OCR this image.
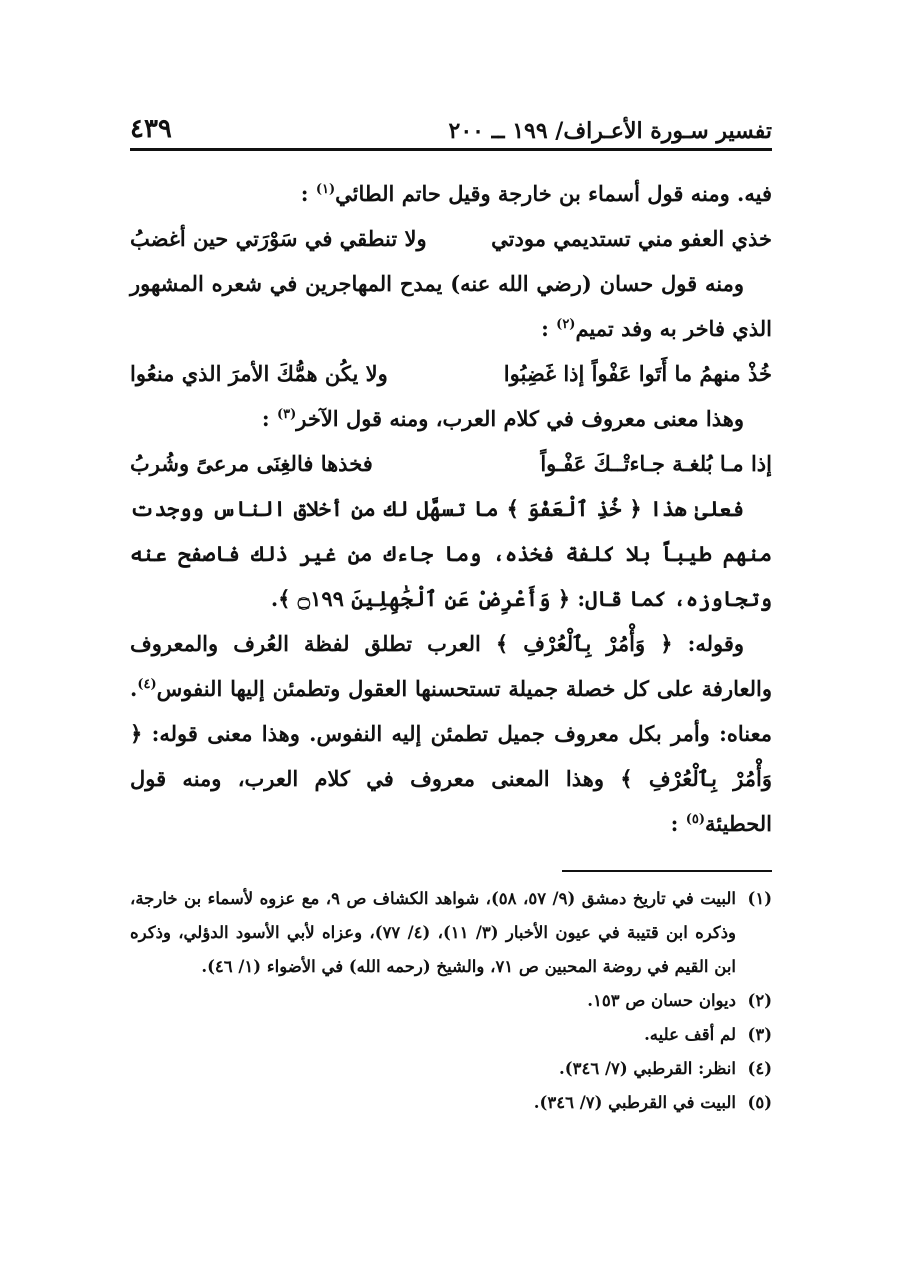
تفسير سـورة الأعـراف/ ١٩٩ ــ ٢٠٠
٤٣٩

فيه. ومنه قول أسماء بن خارجة وقيل حاتم الطائي$^{(١)}$ :

خذي العفو مني تستديمي مودتي
ولا تنطقي في سَوْرَتي حين أغضبُ

ومنه قول حسان (رضي الله عنه) يمدح المهاجرين في شعره المشهور الذي فاخر به وفد تميم$^{(٢)}$ :

خُذْ منهمُ ما أَتَوا عَفْواً إذا غَضِبُوا
ولا يكُن همُّكَ الأمرَ الذي منعُوا

وهذا معنى معروف في كلام العرب، ومنه قول الآخر$^{(٣)}$ :

إذا مـا بُلغـة جـاءتْــكَ عَفْـواً
فخذها فالغِنَى مرعىً وشُربُ

فعلىٰ هذا ﴿ خُذِ ٱلْعَفْوَ ﴾ ما تسهَّل لك من أخلاق الناس ووجدت منهم طيباً بلا كلفة فخذه، وما جاءك من غير ذلك فاصفح عنه وتجاوزه، كما قال: ﴿ وَأَعْرِضْ عَنِ ٱلْجَٰهِلِينَ ۝١٩٩ ﴾.

وقوله: ﴿ وَأْمُرْ بِٱلْعُرْفِ ﴾ العرب تطلق لفظة العُرف والمعروف والعارفة على كل خصلة جميلة تستحسنها العقول وتطمئن إليها النفوس$^{(٤)}$. معناه: وأمر بكل معروف جميل تطمئن إليه النفوس. وهذا معنى قوله: ﴿ وَأْمُرْ بِٱلْعُرْفِ ﴾ وهذا المعنى معروف في كلام العرب، ومنه قول الحطيئة$^{(٥)}$ :

(١)
البيت في تاريخ دمشق (٩/ ٥٧، ٥٨)، شواهد الكشاف ص ٩، مع عزوه لأسماء بن خارجة، وذكره ابن قتيبة في عيون الأخبار (٣/ ١١)، (٤/ ٧٧)، وعزاه لأبي الأسود الدؤلي، وذكره ابن القيم في روضة المحبين ص ٧١، والشيخ (رحمه الله) في الأضواء (١/ ٤٦).
(٢)
ديوان حسان ص ١٥٣.
(٣)
لم أقف عليه.
(٤)
انظر: القرطبي (٧/ ٣٤٦).
(٥)
البيت في القرطبي (٧/ ٣٤٦).
